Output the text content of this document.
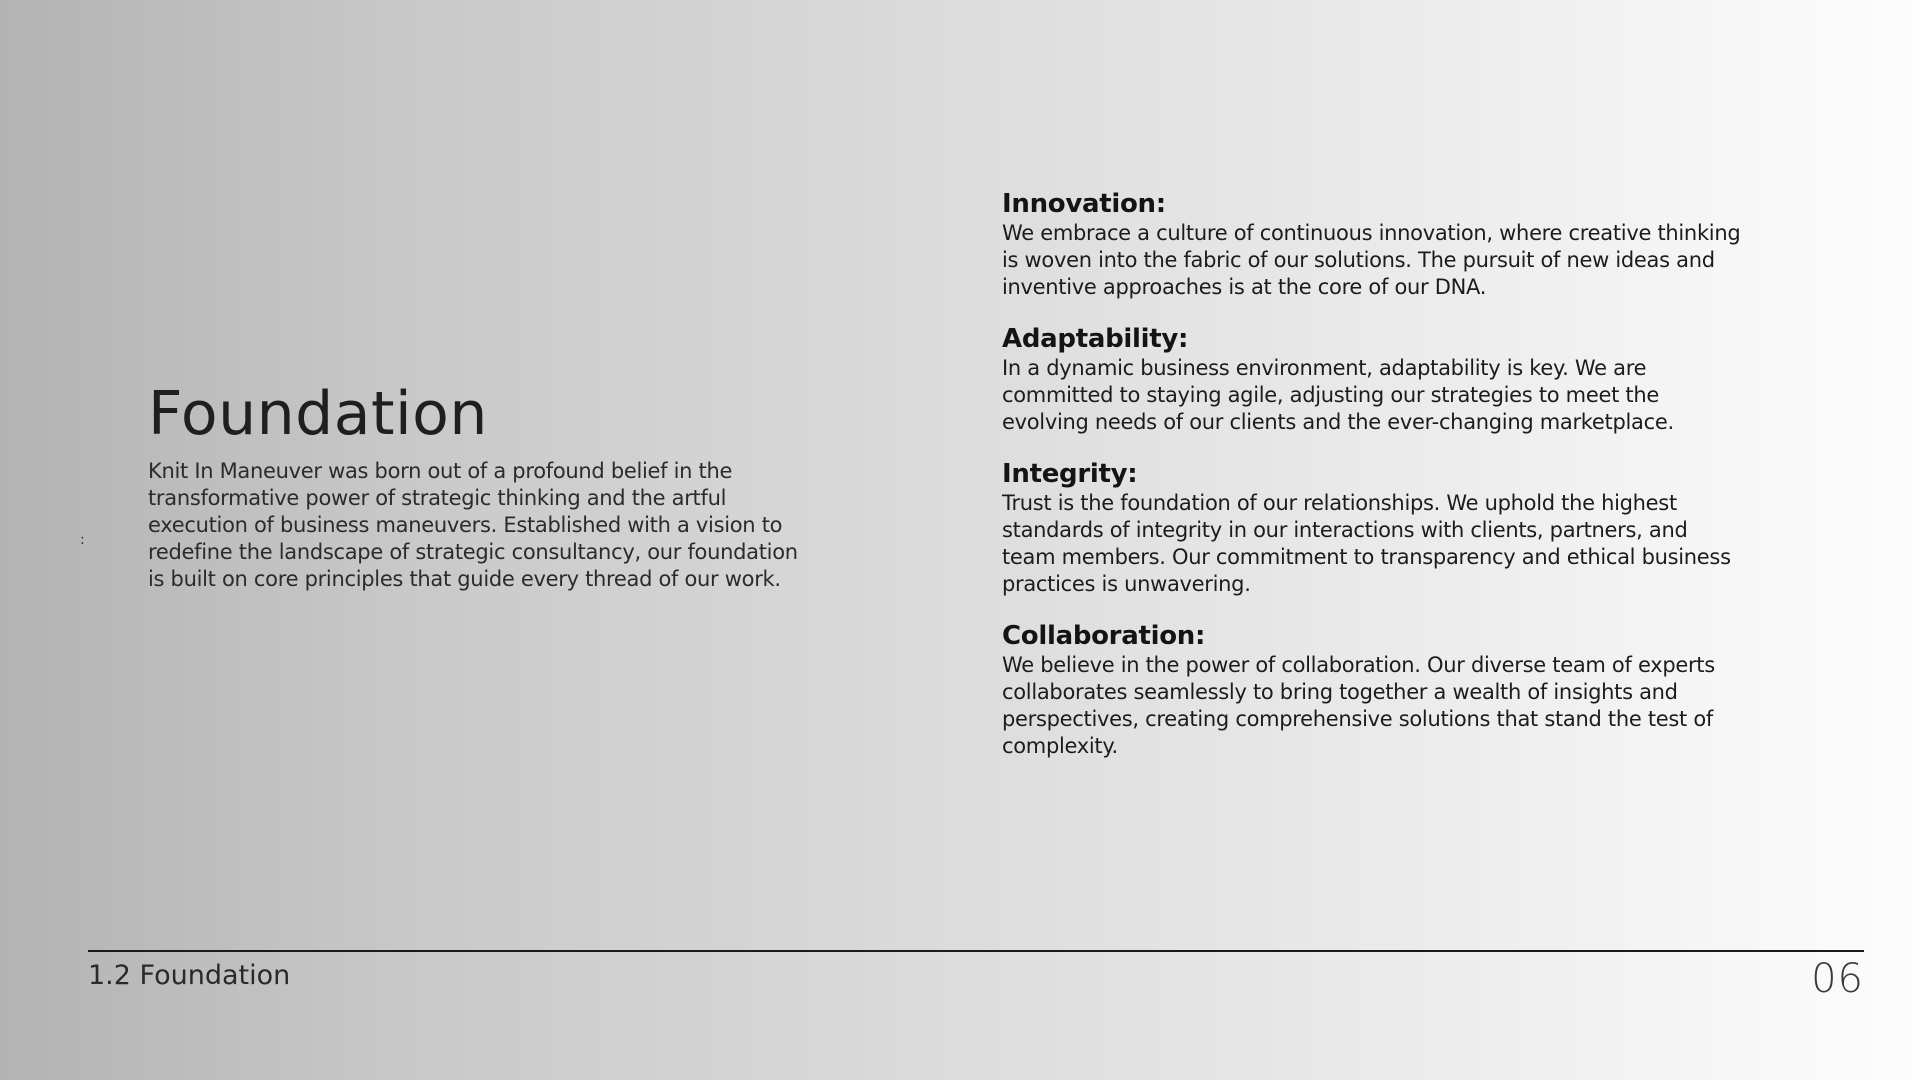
Foundation

Knit In Maneuver was born out of a profound belief in the transformative power of strategic thinking and the artful execution of business maneuvers. Established with a vision to redefine the landscape of strategic consultancy, our foundation is built on core principles that guide every thread of our work.

:

Innovation:

We embrace a culture of continuous innovation, where creative thinking is woven into the fabric of our solutions. The pursuit of new ideas and inventive approaches is at the core of our DNA.

Adaptability:

In a dynamic business environment, adaptability is key. We are committed to staying agile, adjusting our strategies to meet the evolving needs of our clients and the ever-changing marketplace.

Integrity:

Trust is the foundation of our relationships. We uphold the highest standards of integrity in our interactions with clients, partners, and team members. Our commitment to transparency and ethical business practices is unwavering.

Collaboration:

We believe in the power of collaboration. Our diverse team of experts collaborates seamlessly to bring together a wealth of insights and perspectives, creating comprehensive solutions that stand the test of complexity.

1.2 Foundation	06
